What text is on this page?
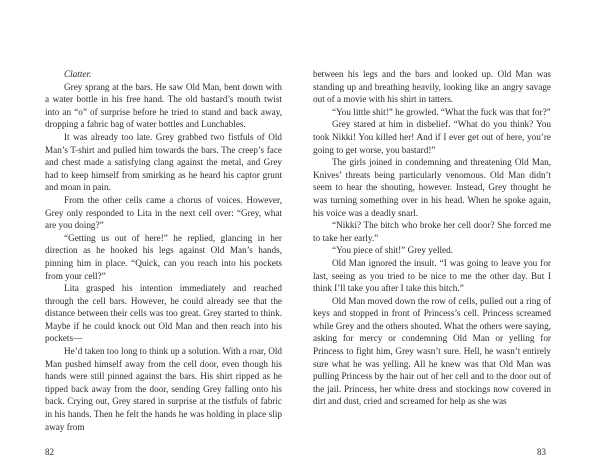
Clatter.

Grey sprang at the bars. He saw Old Man, bent down with a water bottle in his free hand. The old bastard’s mouth twist into an “o” of surprise before he tried to stand and back away, dropping a fabric bag of water bottles and Lunchables.

It was already too late. Grey grabbed two fistfuls of Old Man’s T-shirt and pulled him towards the bars. The creep’s face and chest made a satisfying clang against the metal, and Grey had to keep himself from smirking as he heard his captor grunt and moan in pain.

From the other cells came a chorus of voices. However, Grey only responded to Lita in the next cell over: “Grey, what are you doing?”

“Getting us out of here!” he replied, glancing in her direction as he hooked his legs against Old Man’s hands, pinning him in place. “Quick, can you reach into his pockets from your cell?”

Lita grasped his intention immediately and reached through the cell bars. However, he could already see that the distance between their cells was too great. Grey started to think. Maybe if he could knock out Old Man and then reach into his pockets—

He’d taken too long to think up a solution. With a roar, Old Man pushed himself away from the cell door, even though his hands were still pinned against the bars. His shirt ripped as he tipped back away from the door, sending Grey falling onto his back. Crying out, Grey stared in surprise at the tistfuls of fabric in his hands. Then he felt the hands he was holding in place slip away from

82

between his legs and the bars and looked up. Old Man was standing up and breathing heavily, looking like an angry savage out of a movie with his shirt in tatters.

“You little shit!” he growled. “What the fuck was that for?”

Grey stared at him in disbelief. “What do you think? You took Nikki! You killed her! And if I ever get out of here, you’re going to get worse, you bastard!”

The girls joined in condemning and threatening Old Man, Knives’ threats being particularly venomous. Old Man didn’t seem to hear the shouting, however. Instead, Grey thought he was turning something over in his head. When he spoke again, his voice was a deadly snarl.

“Nikki? The bitch who broke her cell door? She forced me to take her early.”

“You piece of shit!” Grey yelled.

Old Man ignored the insult. “I was going to leave you for last, seeing as you tried to be nice to me the other day. But I think I’ll take you after I take this bitch.”

Old Man moved down the row of cells, pulled out a ring of keys and stopped in front of Princess’s cell. Princess screamed while Grey and the others shouted. What the others were saying, asking for mercy or condemning Old Man or yelling for Princess to fight him, Grey wasn’t sure. Hell, he wasn’t entirely sure what he was yelling. All he knew was that Old Man was pulling Princess by the hair out of her cell and to the door out of the jail. Princess, her white dress and stockings now covered in dirt and dust, cried and screamed for help as she was

83
